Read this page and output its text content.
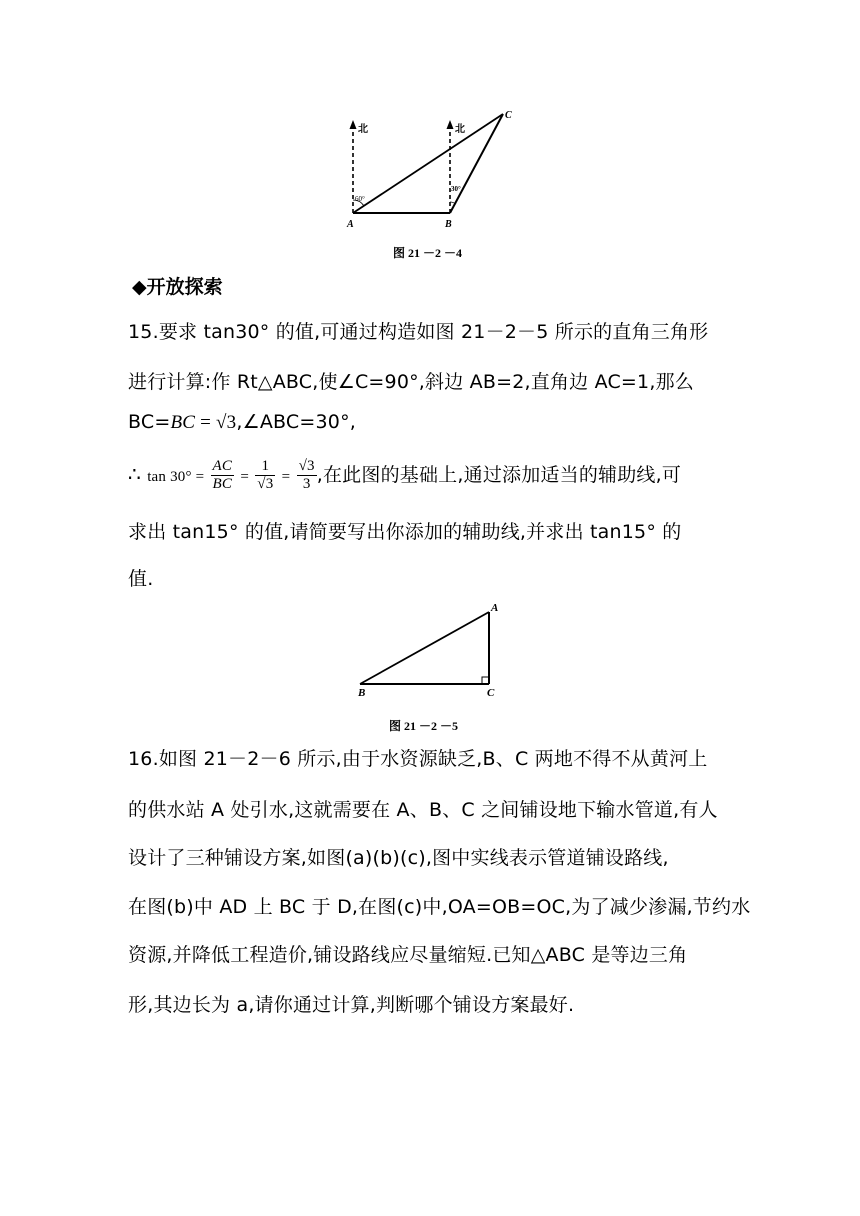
北	北
60°
30°
A	B
C
图 21 －2 －4
◆开放探索
15.要求 tan30° 的值,可通过构造如图 21－2－5 所示的直角三角形
进行计算:作 Rt△ABC,使∠C=90°,斜边 AB=2,直角边 AC=1,那么
BC=BC = √3,∠ABC=30°,
∴ $\tan 30^\circ = \frac{AC}{BC} = \frac{1}{√3} = \frac{√3}{3}$ ,在此图的基础上,通过添加适当的辅助线,可
求出 tan15° 的值,请简要写出你添加的辅助线,并求出 tan15° 的
值.
A
B	C
图 21 －2 －5
16.如图 21－2－6 所示,由于水资源缺乏,B、C 两地不得不从黄河上
的供水站 A 处引水,这就需要在 A、B、C 之间铺设地下输水管道,有人
设计了三种铺设方案,如图(a)(b)(c),图中实线表示管道铺设路线,
在图(b)中 AD 上 BC 于 D,在图(c)中,OA=OB=OC,为了减少渗漏,节约水
资源,并降低工程造价,铺设路线应尽量缩短.已知△ABC 是等边三角
形,其边长为 a,请你通过计算,判断哪个铺设方案最好.
